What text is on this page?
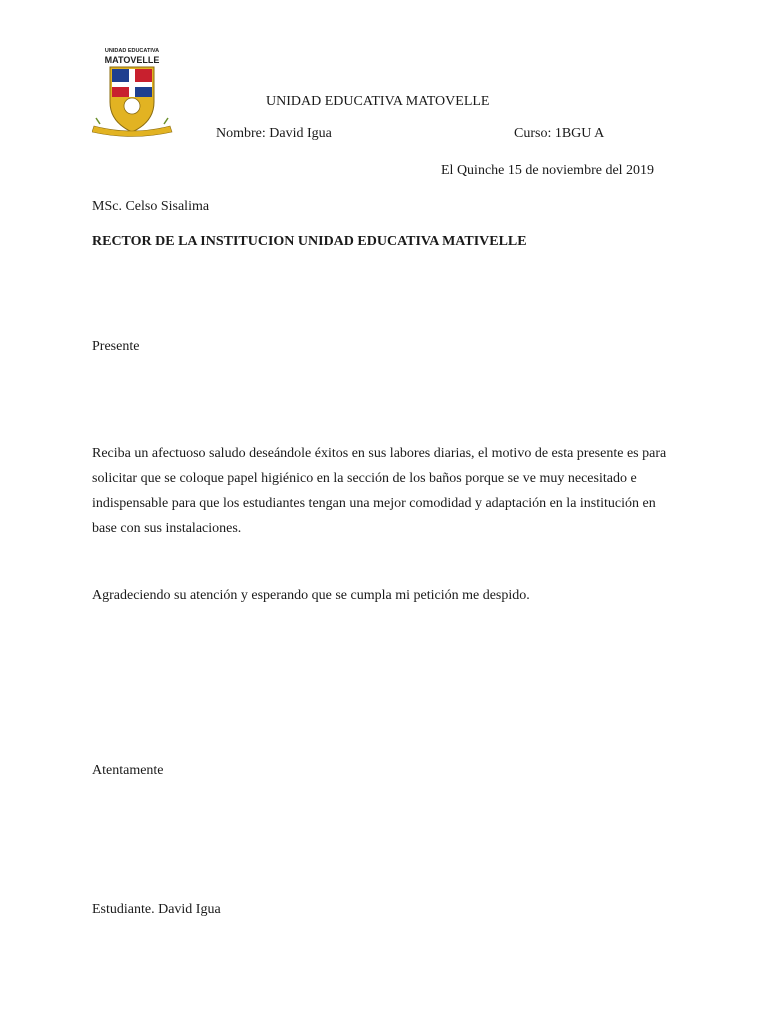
UNIDAD EDUCATIVA
MATOVELLE
UNIDAD EDUCATIVA MATOVELLE
Nombre: David Igua	Curso: 1BGU A
El Quinche 15 de noviembre del 2019
MSc. Celso Sisalima
RECTOR DE LA INSTITUCION UNIDAD EDUCATIVA MATIVELLE
Presente
Reciba un afectuoso saludo deseándole éxitos en sus labores diarias, el motivo de esta presente es para solicitar que se coloque papel higiénico en la sección de los baños porque se ve muy necesitado e indispensable para que los estudiantes tengan una mejor comodidad y adaptación en la institución en base con sus instalaciones.
Agradeciendo su atención y esperando que se cumpla mi petición me despido.
Atentamente
Estudiante. David Igua
